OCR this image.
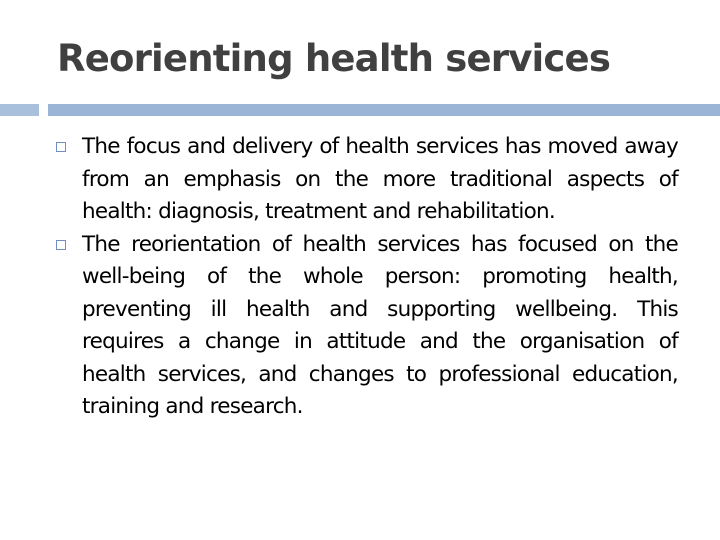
Reorienting health services
The focus and delivery of health services has moved away from an emphasis on the more traditional aspects of health: diagnosis, treatment and rehabilitation.
The reorientation of health services has focused on the well-being of the whole person: promoting health, preventing ill health and supporting wellbeing. This requires a change in attitude and the organisation of health services, and changes to professional education, training and research.
